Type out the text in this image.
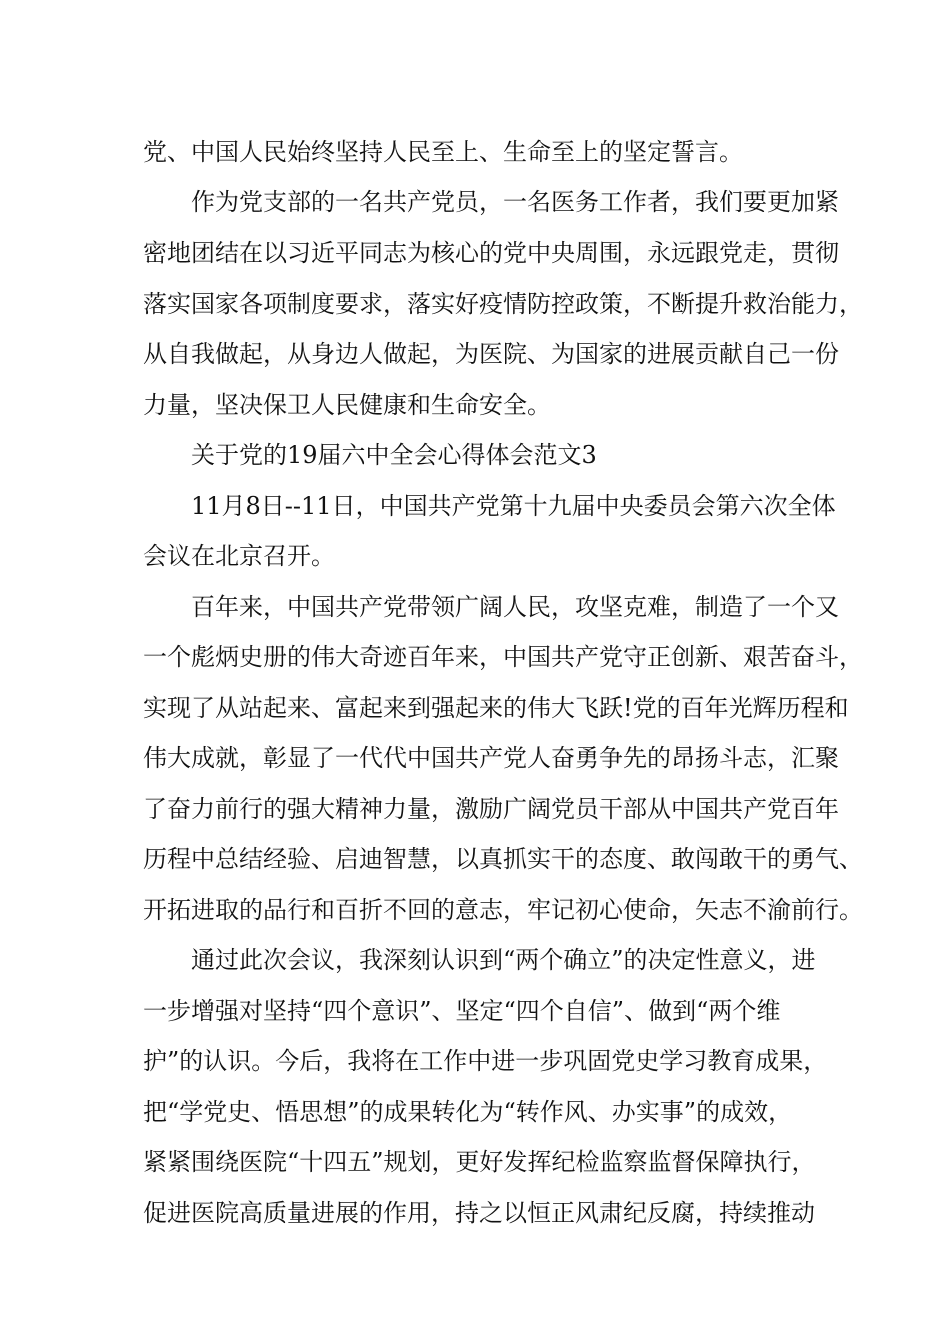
党、中国人民始终坚持人民至上、生命至上的坚定誓言。

作为党支部的一名共产党员，一名医务工作者，我们要更加紧

密地团结在以习近平同志为核心的党中央周围，永远跟党走，贯彻

落实国家各项制度要求，落实好疫情防控政策，不断提升救治能力，

从自我做起，从身边人做起，为医院、为国家的进展贡献自己一份

力量，坚决保卫人民健康和生命安全。

关于党的19届六中全会心得体会范文3

11月8日--11日，中国共产党第十九届中央委员会第六次全体

会议在北京召开。

百年来，中国共产党带领广阔人民，攻坚克难，制造了一个又

一个彪炳史册的伟大奇迹百年来，中国共产党守正创新、艰苦奋斗，

实现了从站起来、富起来到强起来的伟大飞跃!党的百年光辉历程和

伟大成就，彰显了一代代中国共产党人奋勇争先的昂扬斗志，汇聚

了奋力前行的强大精神力量，激励广阔党员干部从中国共产党百年

历程中总结经验、启迪智慧，以真抓实干的态度、敢闯敢干的勇气、

开拓进取的品行和百折不回的意志，牢记初心使命，矢志不渝前行。

通过此次会议，我深刻认识到“两个确立”的决定性意义，进

一步增强对坚持“四个意识”、坚定“四个自信”、做到“两个维

护”的认识。今后，我将在工作中进一步巩固党史学习教育成果，

把“学党史、悟思想”的成果转化为“转作风、办实事”的成效，

紧紧围绕医院“十四五”规划，更好发挥纪检监察监督保障执行，

促进医院高质量进展的作用，持之以恒正风肃纪反腐，持续推动
